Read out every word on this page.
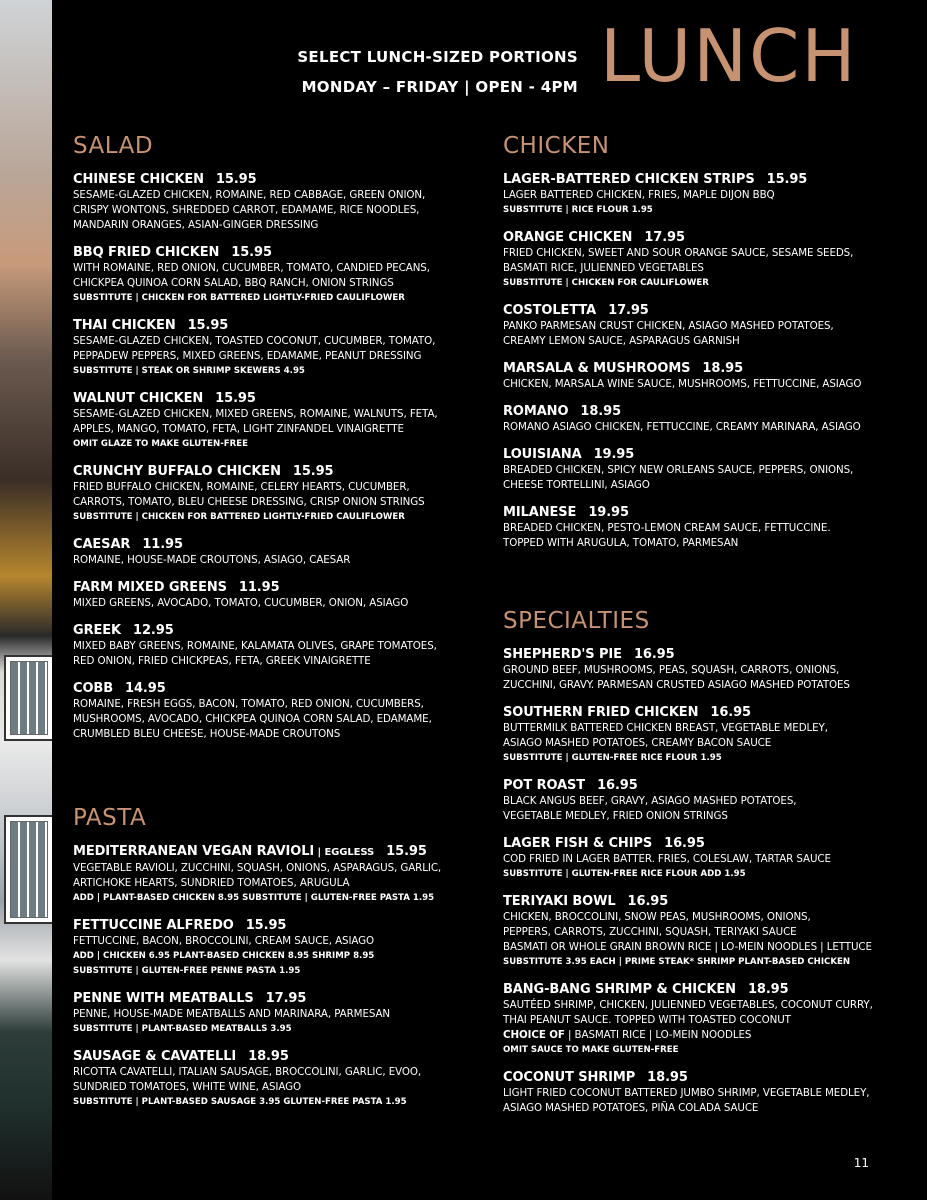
SELECT LUNCH-SIZED PORTIONS
MONDAY – FRIDAY | OPEN - 4PM LUNCH
SALAD
CHINESE CHICKEN 15.95
SESAME-GLAZED CHICKEN, ROMAINE, RED CABBAGE, GREEN ONION,
CRISPY WONTONS, SHREDDED CARROT, EDAMAME, RICE NOODLES,
MANDARIN ORANGES, ASIAN-GINGER DRESSING
BBQ FRIED CHICKEN 15.95
WITH ROMAINE, RED ONION, CUCUMBER, TOMATO, CANDIED PECANS,
CHICKPEA QUINOA CORN SALAD, BBQ RANCH, ONION STRINGS
SUBSTITUTE | CHICKEN FOR BATTERED LIGHTLY-FRIED CAULIFLOWER
THAI CHICKEN 15.95
SESAME-GLAZED CHICKEN, TOASTED COCONUT, CUCUMBER, TOMATO,
PEPPADEW PEPPERS, MIXED GREENS, EDAMAME, PEANUT DRESSING
SUBSTITUTE | STEAK OR SHRIMP SKEWERS 4.95
WALNUT CHICKEN 15.95
SESAME-GLAZED CHICKEN, MIXED GREENS, ROMAINE, WALNUTS, FETA,
APPLES, MANGO, TOMATO, FETA, LIGHT ZINFANDEL VINAIGRETTE
OMIT GLAZE TO MAKE GLUTEN-FREE
CRUNCHY BUFFALO CHICKEN 15.95
FRIED BUFFALO CHICKEN, ROMAINE, CELERY HEARTS, CUCUMBER,
CARROTS, TOMATO, BLEU CHEESE DRESSING, CRISP ONION STRINGS
SUBSTITUTE | CHICKEN FOR BATTERED LIGHTLY-FRIED CAULIFLOWER
CAESAR 11.95
ROMAINE, HOUSE-MADE CROUTONS, ASIAGO, CAESAR
FARM MIXED GREENS 11.95
MIXED GREENS, AVOCADO, TOMATO, CUCUMBER, ONION, ASIAGO
GREEK 12.95
MIXED BABY GREENS, ROMAINE, KALAMATA OLIVES, GRAPE TOMATOES,
RED ONION, FRIED CHICKPEAS, FETA, GREEK VINAIGRETTE
COBB 14.95
ROMAINE, FRESH EGGS, BACON, TOMATO, RED ONION, CUCUMBERS,
MUSHROOMS, AVOCADO, CHICKPEA QUINOA CORN SALAD, EDAMAME,
CRUMBLED BLEU CHEESE, HOUSE-MADE CROUTONS
PASTA
MEDITERRANEAN VEGAN RAVIOLI | EGGLESS 15.95
VEGETABLE RAVIOLI, ZUCCHINI, SQUASH, ONIONS, ASPARAGUS, GARLIC,
ARTICHOKE HEARTS, SUNDRIED TOMATOES, ARUGULA
ADD | PLANT-BASED CHICKEN 8.95 SUBSTITUTE | GLUTEN-FREE PASTA 1.95
FETTUCCINE ALFREDO 15.95
FETTUCCINE, BACON, BROCCOLINI, CREAM SAUCE, ASIAGO
ADD | CHICKEN 6.95 PLANT-BASED CHICKEN 8.95 SHRIMP 8.95
SUBSTITUTE | GLUTEN-FREE PENNE PASTA 1.95
PENNE WITH MEATBALLS 17.95
PENNE, HOUSE-MADE MEATBALLS AND MARINARA, PARMESAN
SUBSTITUTE | PLANT-BASED MEATBALLS 3.95
SAUSAGE & CAVATELLI 18.95
RICOTTA CAVATELLI, ITALIAN SAUSAGE, BROCCOLINI, GARLIC, EVOO,
SUNDRIED TOMATOES, WHITE WINE, ASIAGO
SUBSTITUTE | PLANT-BASED SAUSAGE 3.95 GLUTEN-FREE PASTA 1.95
CHICKEN
LAGER-BATTERED CHICKEN STRIPS 15.95
LAGER BATTERED CHICKEN, FRIES, MAPLE DIJON BBQ
SUBSTITUTE | RICE FLOUR 1.95
ORANGE CHICKEN 17.95
FRIED CHICKEN, SWEET AND SOUR ORANGE SAUCE, SESAME SEEDS,
BASMATI RICE, JULIENNED VEGETABLES
SUBSTITUTE | CHICKEN FOR CAULIFLOWER
COSTOLETTA 17.95
PANKO PARMESAN CRUST CHICKEN, ASIAGO MASHED POTATOES,
CREAMY LEMON SAUCE, ASPARAGUS GARNISH
MARSALA & MUSHROOMS 18.95
CHICKEN, MARSALA WINE SAUCE, MUSHROOMS, FETTUCCINE, ASIAGO
ROMANO 18.95
ROMANO ASIAGO CHICKEN, FETTUCCINE, CREAMY MARINARA, ASIAGO
LOUISIANA 19.95
BREADED CHICKEN, SPICY NEW ORLEANS SAUCE, PEPPERS, ONIONS,
CHEESE TORTELLINI, ASIAGO
MILANESE 19.95
BREADED CHICKEN, PESTO-LEMON CREAM SAUCE, FETTUCCINE.
TOPPED WITH ARUGULA, TOMATO, PARMESAN
SPECIALTIES
SHEPHERD'S PIE 16.95
GROUND BEEF, MUSHROOMS, PEAS, SQUASH, CARROTS, ONIONS,
ZUCCHINI, GRAVY. PARMESAN CRUSTED ASIAGO MASHED POTATOES
SOUTHERN FRIED CHICKEN 16.95
BUTTERMILK BATTERED CHICKEN BREAST, VEGETABLE MEDLEY,
ASIAGO MASHED POTATOES, CREAMY BACON SAUCE
SUBSTITUTE | GLUTEN-FREE RICE FLOUR 1.95
POT ROAST 16.95
BLACK ANGUS BEEF, GRAVY, ASIAGO MASHED POTATOES,
VEGETABLE MEDLEY, FRIED ONION STRINGS
LAGER FISH & CHIPS 16.95
COD FRIED IN LAGER BATTER. FRIES, COLESLAW, TARTAR SAUCE
SUBSTITUTE | GLUTEN-FREE RICE FLOUR ADD 1.95
TERIYAKI BOWL 16.95
CHICKEN, BROCCOLINI, SNOW PEAS, MUSHROOMS, ONIONS,
PEPPERS, CARROTS, ZUCCHINI, SQUASH, TERIYAKI SAUCE
BASMATI OR WHOLE GRAIN BROWN RICE | LO-MEIN NOODLES | LETTUCE
SUBSTITUTE 3.95 EACH | PRIME STEAK* SHRIMP PLANT-BASED CHICKEN
BANG-BANG SHRIMP & CHICKEN 18.95
SAUTÉED SHRIMP, CHICKEN, JULIENNED VEGETABLES, COCONUT CURRY,
THAI PEANUT SAUCE. TOPPED WITH TOASTED COCONUT
CHOICE OF | BASMATI RICE | LO-MEIN NOODLES
OMIT SAUCE TO MAKE GLUTEN-FREE
COCONUT SHRIMP 18.95
LIGHT FRIED COCONUT BATTERED JUMBO SHRIMP, VEGETABLE MEDLEY,
ASIAGO MASHED POTATOES, PIÑA COLADA SAUCE
11
